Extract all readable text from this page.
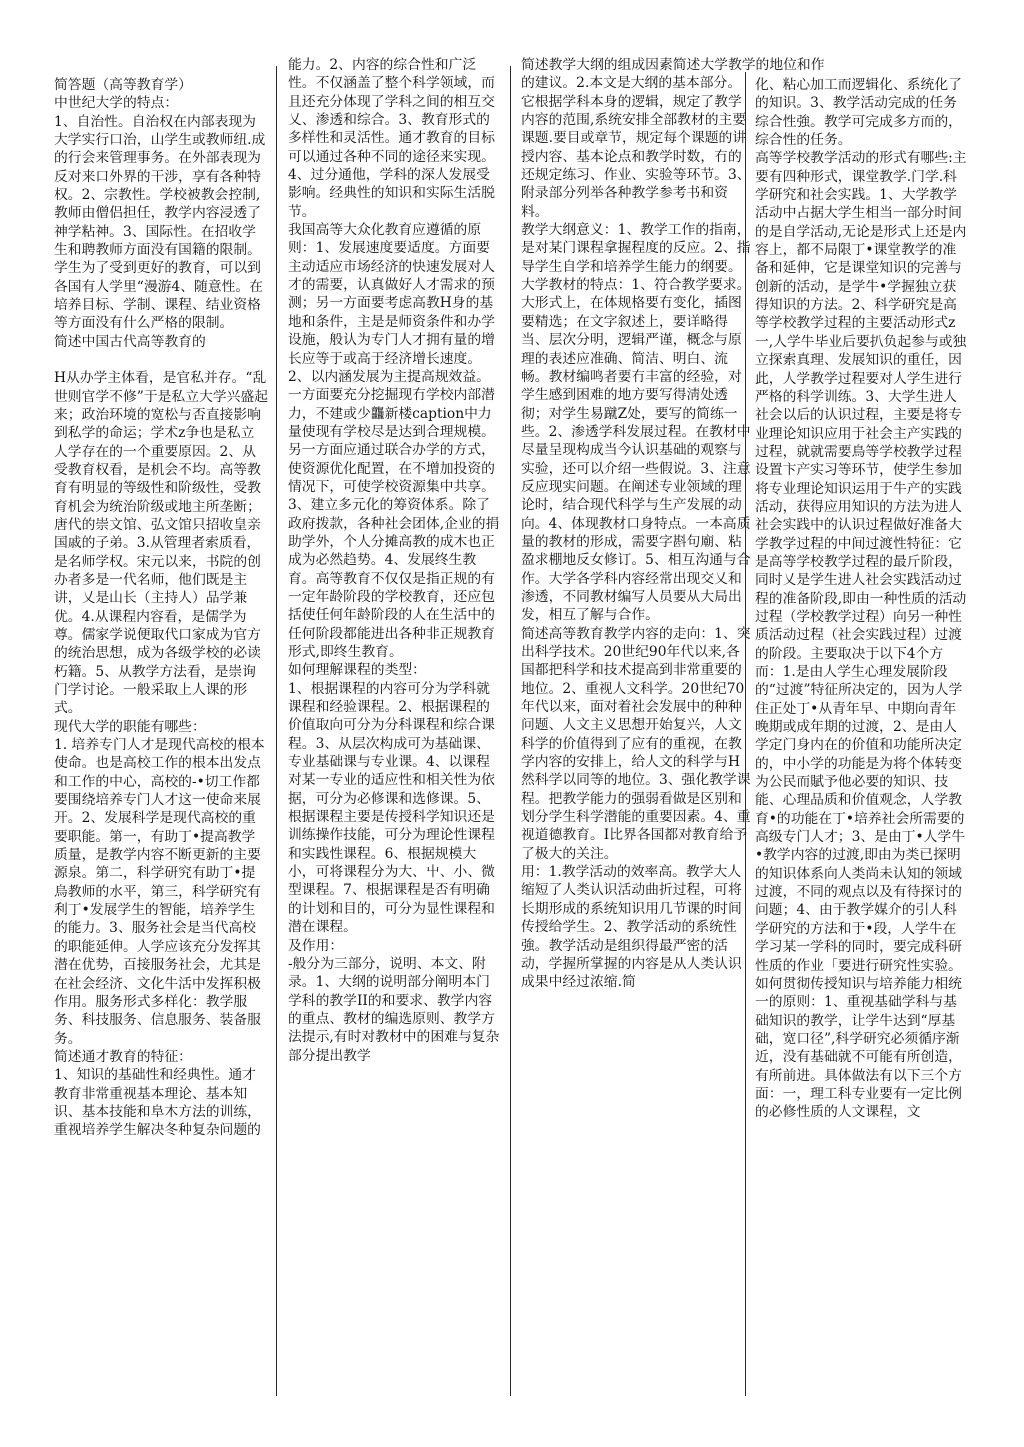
简答题（高等教育学）

中世纪大学的特点：

1、自治性。自治权在内部表现为大学实行口治，山学生或教师纽.成的行会来管理事务。在外部表现为反对来口外界的干涉，享有各种特权。2、宗教性。学校被教会控制,教师由僧侣担任，教学内容浸透了神学粘神。3、国际性。在招收学生和聘教师方面没有国籍的限制。学生为了受到更好的教育，可以到各国有人学里“漫游4、随意性。在培养目标、学制、课程、结业资格等方面没有什么严格的限制。

简述中国古代高等教育的

H从办学主体看，是官私并存。“乱世则官学不修”于是私立大学兴盛起来；政治环境的宽松与否直接影响到私学的命运；学术z争也是私立人学存在的一个重要原因。2、从受教育权看，是机会不均。高等教育有明显的等级性和阶级性，受教育机会为统治阶级或地主所垄断；唐代的崇文馆、弘文馆只招收皇亲国戚的子弟。3.从管理者索质看，是名师学权。宋元以来，书院的创办者多是一代名师，他们既是主讲，乂是山长（主持人）品学兼优。4.从课程内容看，是儒学为尊。儒家学说便取代口家成为官方的统治思想，成为各级学校的必读朽籍。5、从教学方法看，是崇询门学讨论。一般采取上人课的形 式。

现代大学的职能有哪些：

1. 培养专门人才是现代高校的根本使命。也是高校工作的根本出发点和工作的中心，高校的-•切工作都要围绕培养专门人才这一使命来展开。2、发展科学是现代高校的重要职能。第一，有助丁•提高教学质量，是教学内容不断更新的主要源泉。第二，科学研究有助丁•提烏教师的水平，第三，科学研究有利丁•发展学生的智能，培养学生的能力。3、服务社会是当代高校的职能延伸。人学应该充分发挥其潜在优势，百接服务社会，尤其是在社会经济、文化牛活中发挥积极作用。服务形式多样化：教学服务、科技服务、信息服务、装备服务。

简述通才教育的特征：

1、知识的基础性和经典性。通才教育非常重视基本理论、基本知识、基本技能和阜木方法的训练，重视培养学生解决冬种复杂问题的

能力。2、内容的综合性和广泛性。不仅涵盖了整个科学领域，而且还充分体现了学科之间的相互交乂、渗透和综合。3、教育形式的多样性和灵活性。通才教育的目标可以通过各种不同的途径来实现。4、过分通他，学科的深人发展受影响。经典性的知识和实际生活脱 节。

我国高等大众化教育应遵循的原则：1、发展速度要适度。方面要主动适应市场经济的快速发展对人才的需要，认真做好人才需求的预测；另一方面要考虑高教H身的基地和条件，主是是师资条件和办学设施，般认为专门人才拥有量的增长应等于或高于经济增长速度。2、以内涵发展为主提高规效益。一方面要充分挖掘现冇学校内部潜力，不建或少龘新楼caption中力量使现有学校尽是达到合理规模。另一方面应通过联合办学的方式，使资源优化配置，在不增加投资的情况下，可使学校资源集中共享。3、建立多元化的筹资体系。除了政府拨款，各种社会团体,企业的捐助学外，个人分摊高教的成木也正成为必然趋势。4、发展终生教育。高等教育不仅仅是指正规的有一定年龄阶段的学校教育，还应包括使任何年龄阶段的人在生活中的任何阶段都能进出各种非正规教育形式,即终生教育。

如何理解课程的类型：

1、根据课程的内容可分为学科就课程和经验课程。2、根据课程的价值取向可分为分科课程和综合课程。3、从层次构成可为基础课、专业基础课与专业课。4、以课程对某一专业的适应性和相关性为依据，可分为必修课和选修课。5、根据课程主要是传授科学知识还是训练操作技能，可分为理论性课程和实践性课程。6、根据规模大小，可将课程分为大、屮、小、微型课程。7、根据课程是否有明确的计划和目的，可分为显性课程和潜在课程。

及作用：

-般分为三部分，说明、本文、附录。1、大纲的说明部分阐明本门学科的教学II的和要求、教学内容的重点、教材的编选原则、教学方法提示,有时对教材中的困难与复杂部分提出教学

简述教学大纲的组成因素简述大学教学的地位和作

的建议。2.本文是大纲的基本部分。它根据学科本身的逻辑，规定了教学内容的范围,系统安排全部教材的主要课题.要目或章节，规定每个课题的讲授内容、基本论点和教学时数，冇的还规定练习、作业、实验等环节。3、附录部分列举各种教学参考书和资料。

教学大纲意义：1、教学工作的指南，是对某门课程拿握程度的反应。2、指导学生自学和培养学生能力的纲要。大学教材的特点：1、符合教学要求。大形式上，在体规格要冇变化，插图要精选；在文字叙述上，要详略得当、层次分明，逻辑严谨，概念与原理的表述应准确、简洁、明白、流畅。教材编鸣者要冇丰富的经验，对学生感到困难的地方要写得淸处透彻；对学生易蹴Z处，要写的简练一些。2、渗透学科发展过程。在教材中尽量呈现构成当今认识基础的观察与实验，还可以介绍一些假说。3、注意反应现实问题。在阐述专业领域的理论时，结合现代科学与生产发展的动向。4、体现教材口身特点。一本高质量的教材的形成，需要字斟句廟、粘盈求棚地反女修订。5、相互沟通与合作。大学各学科内容经常出现交乂和渗透，不同教材编写人员要从大局出发，相互了解与合作。

简述高等教育教学内容的走向：1、突出科学技术。20世纪90年代以来,各国都把科学和技术提高到非常重要的地位。2、重视人文科学。20世纪70年代以来，面对着社会发展中的种种问题、人文主义思想开始复兴，人文科学的价值得到了应有的重视，在教学内容的安排上，给人文的科学与H然科学以同等的地位。3、强化教学课程。把教学能力的强弱看做是区别和划分学生科学潜能的重要因素。4、重视道德教育。I比界各国都对教育给予了极大的关注。

用：1.教学活动的效率高。教学大人缩短了人类认识活动曲折过程，可将长期形成的系统知识用几节课的时间传授给学生。2、教学活动的系统性強。教学活动是组织得最严密的活动，学握所掌握的内容是从人类认识成果中经过浓缩.简

化、粘心加工而逻辑化、系统化了的知识。3、教学活动完成的任务综合性強。教学可完成多方而的，综合性的任务。

高等学校教学活动的形式有哪些:主要有四种形式，课堂教学.门学.科学研究和社会实践。1、大学教学活动中占据大学生相当一部分时间的是自学活动,无论是形式上还是内容上，都不局限丁•课堂教学的准备和延伸，它是课堂知识的完善与创新的活动，是学牛•学握独立获得知识的方法。2、科学研究是高等学校教学过程的主要活动形式z　　　一,人学牛毕业后要扒负起参与或独立探索真理、发展知识的重任，因此，人学教学过程要对人学生进行严格的科学训练。3、大学生进人社会以后的认识过程，主要是将专业理论知识应用于社会主产实践的过程，就就需要鳥等学校教学过程设置卞产实习等环节，使学生参加将专业理论知识运用于牛产的实践活动，获得应用知识的方法为进人社会实践中的认识过程做好准备大学教学过程的中间过渡性特征：它是高等学校教学过程的最斤阶段，同时乂是学生进人社会实践活动过程的准备阶段,即由一种性质的活动过程（学校教学过程）向另一种性质活动过程（社会实践过程）过渡的阶段。主要取决于以下4个方而：1.是由人学生心理发展阶段的“过渡”特征所决定的，因为人学住正处丁•从青年早、中期向青年晚期或成年期的过渡，2、是由人学定门身内在的价值和功能所决定的，中小学的功能是为将个体转变为公民而賦予他必要的知识、技能、心理品质和价值观念，人学教育•的功能在丁•培养社会所需要的高级专门人才；3、是由丁•人学牛•教学内容的过渡,即由为类已探明的知识体系向人类尚未认知的领域过渡，不同的观点以及有待探讨的问题；4、由于教学媒介的引人科学研究的方法和于•段，人学牛在学习某一学科的同时，要完成科研性质的作业「要进行研究性实验。

如何贯彻传授知识与培养能力相统一的原则：1、重视基础学科与基础知识的教学，让学牛达到“厚基础，宽口径”,科学研究必须循序渐近，没有基础就不可能有所创造，有所前进。具体做法有以下三个方面：一，理工科专业要有一定比例的必修性质的人文课程，文
